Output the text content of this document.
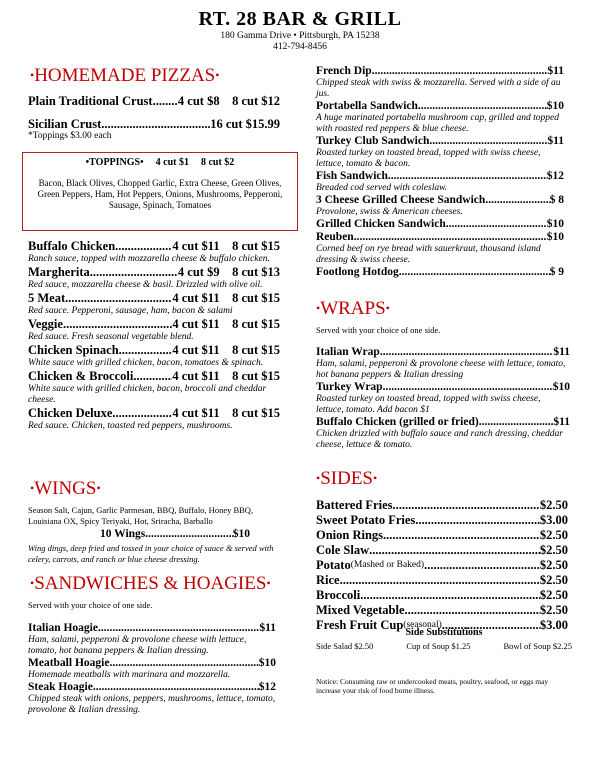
RT. 28 BAR & GRILL
180 Gamma Drive • Pittsburgh, PA 15238
412-794-8456
•HOMEMADE PIZZAS•
Plain Traditional Crust ..... 4 cut $8    8 cut $12
Sicilian Crust .....	16 cut $15.99
*Toppings $3.00 each
•TOPPINGS• 4 cut $1 8 cut $2
Bacon, Black Olives, Chopped Garlic, Extra Cheese, Green Olives, Green Peppers, Ham, Hot Peppers, Onions, Mushrooms, Pepperoni, Sausage, Spinach, Tomatoes
Buffalo Chicken .....	4 cut $11    8 cut $15
Ranch sauce, topped with mozzarella cheese & buffalo chicken.
Margherita .....	4 cut $9    8 cut $13
Red sauce, mozzarella cheese & basil. Drizzled with olive oil.
5 Meat .....	4 cut $11    8 cut $15
Red sauce. Pepperoni, sausage, ham, bacon & salami
Veggie .....	4 cut $11    8 cut $15
Red sauce. Fresh seasonal vegetable blend.
Chicken Spinach .....	4 cut $11    8 cut $15
White sauce with grilled chicken, bacon, tomatoes & spinach.
Chicken & Broccoli .....	4 cut $11    8 cut $15
White sauce with grilled chicken, bacon, broccoli and cheddar cheese.
Chicken Deluxe .....	4 cut $11    8 cut $15
Red sauce. Chicken, toasted red peppers, mushrooms.
•WINGS•
Season Salt, Cajun, Garlic Parmesan, BBQ, Buffalo, Honey BBQ, Louisiana OX, Spicy Teriyaki, Hot, Sriracha, Barballo
10 Wings .....	$10
Wing dings, deep fried and tossed in your choice of sauce & served with celery, carrots, and ranch or blue cheese dressing.
•SANDWICHES & HOAGIES•
Served with your choice of one side.
Italian Hoagie .....	$11
Ham, salami, pepperoni & provolone cheese with lettuce, tomato, hot banana peppers & Italian dressing.
Meatball Hoagie .....	$10
Homemade meatballs with marinara and mozzarella.
Steak Hoagie .....	$12
Chipped steak with onions, peppers, mushrooms, lettuce, tomato, provolone & Italian dressing.
French Dip .....	$11
Chipped steak with swiss & mozzarella. Served with a side of au jus.
Portabella Sandwich .....	$10
A huge marinated portabella mushroom cap, grilled and topped with roasted red peppers & blue cheese.
Turkey Club Sandwich .....	$11
Roasted turkey on toasted bread, topped with swiss cheese, lettuce, tomato & bacon.
Fish Sandwich .....	$12
Breaded cod served with coleslaw.
3 Cheese Grilled Cheese Sandwich .....	$ 8
Provolone, swiss & American cheeses.
Grilled Chicken Sandwich .....	$10
Reuben .....	$10
Corned beef on rye bread with sauerkraut, thousand island dressing & swiss cheese.
Footlong Hotdog .....	$ 9
•WRAPS•
Served with your choice of one side.
Italian Wrap .....	$11
Ham, salami, pepperoni & provolone cheese with lettuce, tomato, hot banana peppers & Italian dressing
Turkey Wrap .....	$10
Roasted turkey on toasted bread, topped with swiss cheese, lettuce, tomato. Add bacon $1
Buffalo Chicken (grilled or fried) .....	$11
Chicken drizzled with buffalo sauce and ranch dressing, cheddar cheese, lettuce & tomato.
•SIDES•
Battered Fries .....	$2.50
Sweet Potato Fries .....	$3.00
Onion Rings .....	$2.50
Cole Slaw .....	$2.50
Potato (Mashed or Baked) .....	$2.50
Rice .....	$2.50
Broccoli .....	$2.50
Mixed Vegetable .....	$2.50
Fresh Fruit Cup (seasonal) .....	$3.00
Side Substitutions
Side Salad $2.50	Cup of Soup $1.25	Bowl of Soup $2.25
Notice: Consuming raw or undercooked meats, poultry, seafood, or eggs may increase your risk of food borne illness.
